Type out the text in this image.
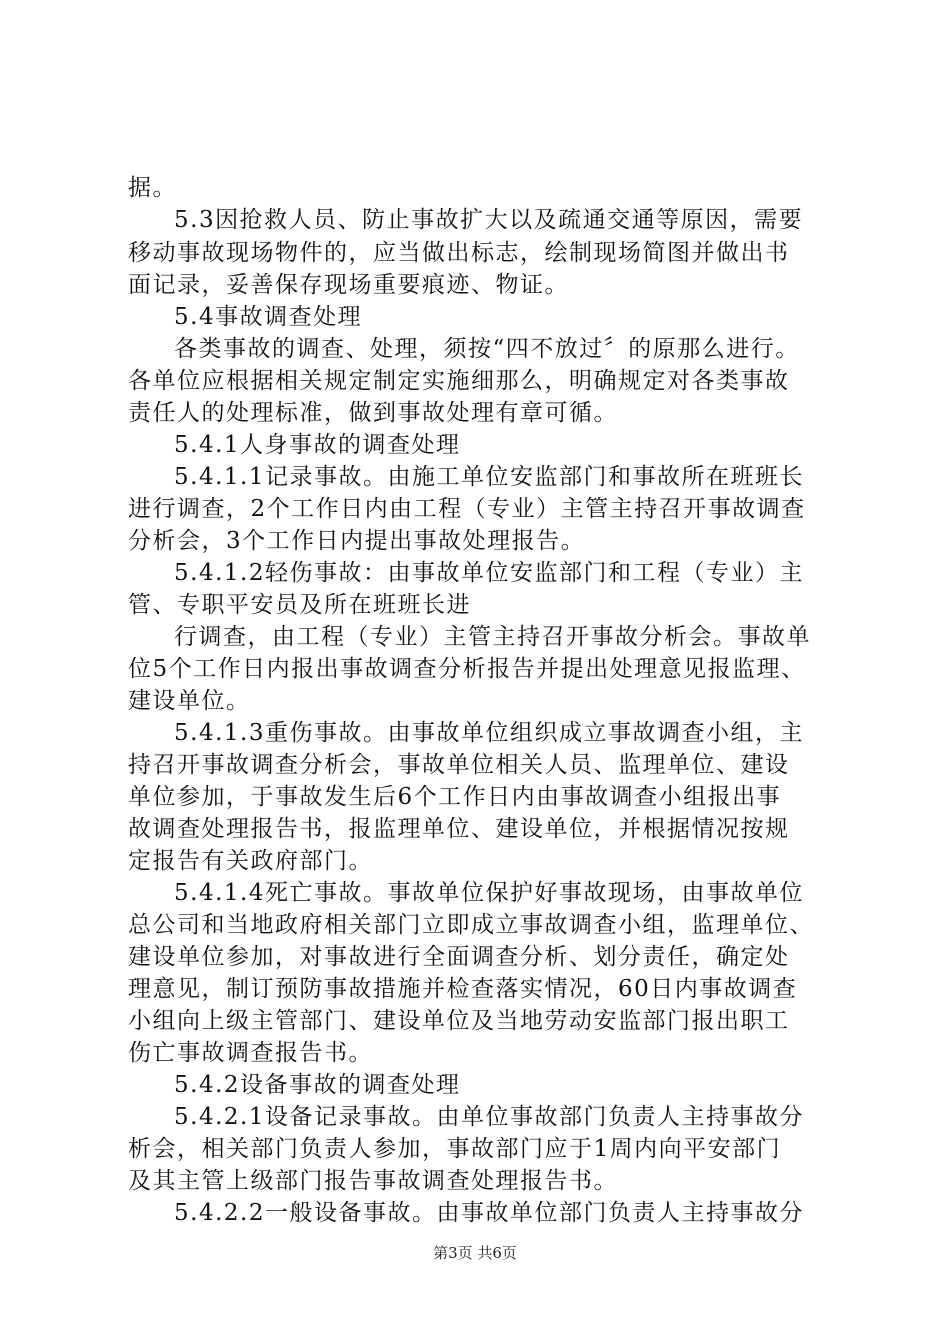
据。
5.3因抢救人员、防止事故扩大以及疏通交通等原因，需要
移动事故现场物件的，应当做出标志，绘制现场简图并做出书
面记录，妥善保存现场重要痕迹、物证。
5.4事故调查处理
各类事故的调查、处理，须按“四不放过〞的原那么进行。
各单位应根据相关规定制定实施细那么，明确规定对各类事故
责任人的处理标准，做到事故处理有章可循。
5.4.1人身事故的调查处理
5.4.1.1记录事故。由施工单位安监部门和事故所在班班长
进行调查，2个工作日内由工程（专业）主管主持召开事故调查
分析会，3个工作日内提出事故处理报告。
5.4.1.2轻伤事故：由事故单位安监部门和工程（专业）主
管、专职平安员及所在班班长进
行调查，由工程（专业）主管主持召开事故分析会。事故单
位5个工作日内报出事故调查分析报告并提出处理意见报监理、
建设单位。
5.4.1.3重伤事故。由事故单位组织成立事故调查小组，主
持召开事故调查分析会，事故单位相关人员、监理单位、建设
单位参加，于事故发生后6个工作日内由事故调查小组报出事
故调查处理报告书，报监理单位、建设单位，并根据情况按规
定报告有关政府部门。
5.4.1.4死亡事故。事故单位保护好事故现场，由事故单位
总公司和当地政府相关部门立即成立事故调查小组，监理单位、
建设单位参加，对事故进行全面调查分析、划分责任，确定处
理意见，制订预防事故措施并检查落实情况，60日内事故调查
小组向上级主管部门、建设单位及当地劳动安监部门报出职工
伤亡事故调查报告书。
5.4.2设备事故的调查处理
5.4.2.1设备记录事故。由单位事故部门负责人主持事故分
析会，相关部门负责人参加，事故部门应于1周内向平安部门
及其主管上级部门报告事故调查处理报告书。
5.4.2.2一般设备事故。由事故单位部门负责人主持事故分
第3页 共6页
